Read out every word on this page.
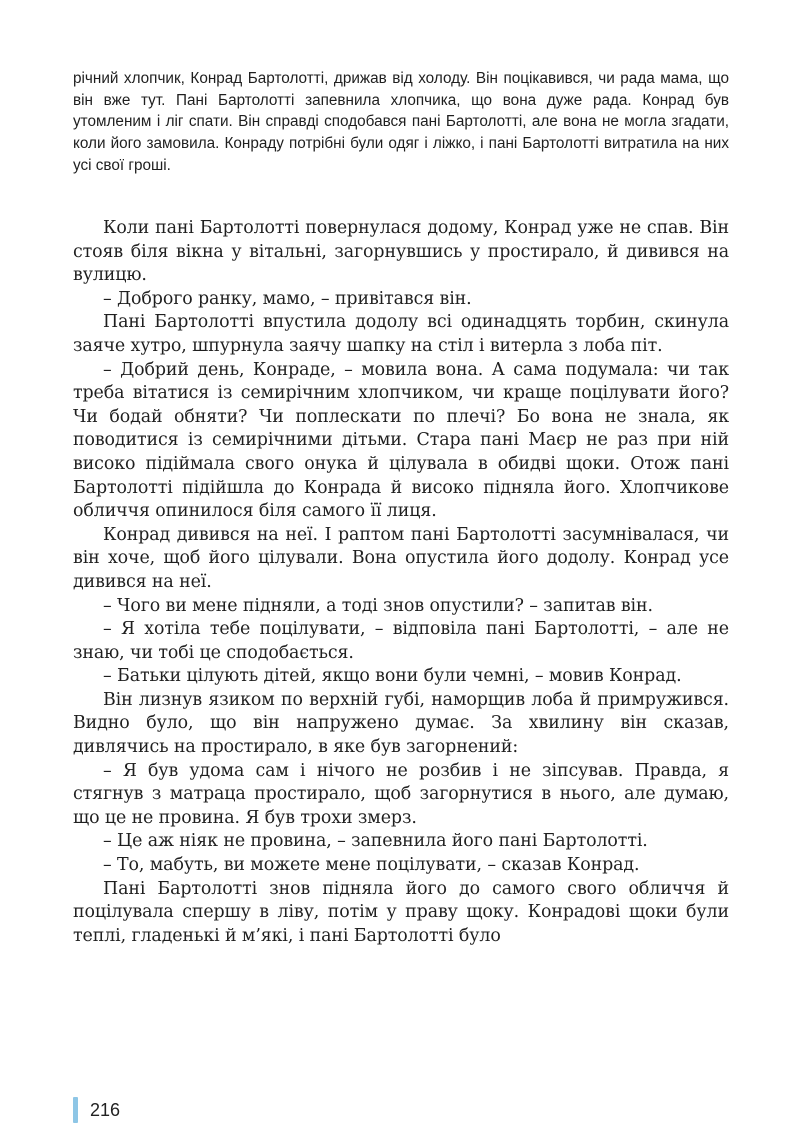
річний хлопчик, Конрад Бартолотті, дрижав від холоду. Він поцікавився, чи рада мама, що він вже тут. Пані Бартолотті запевнила хлопчика, що вона дуже рада. Конрад був утомленим і ліг спати. Він справді сподобався пані Бартолотті, але вона не могла згадати, коли його замовила. Конраду потрібні були одяг і ліжко, і пані Бартолотті витратила на них усі свої гроші.

Коли пані Бартолотті повернулася додому, Конрад уже не спав. Він стояв біля вікна у вітальні, загорнувшись у простирало, й дивився на вулицю.

– Доброго ранку, мамо, – привітався він.

Пані Бартолотті впустила додолу всі одинадцять торбин, скинула заяче хутро, шпурнула заячу шапку на стіл і витерла з лоба піт.

– Добрий день, Конраде, – мовила вона. А сама подумала: чи так треба вітатися із семирічним хлопчиком, чи краще поцілувати його? Чи бодай обняти? Чи поплескати по плечі? Бо вона не знала, як поводитися із семирічними дітьми. Стара пані Маєр не раз при ній високо підіймала свого онука й цілувала в обидві щоки. Отож пані Бартолотті підійшла до Конрада й високо підняла його. Хлопчикове обличчя опинилося біля самого її лиця.

Конрад дивився на неї. І раптом пані Бартолотті засумнівалася, чи він хоче, щоб його цілували. Вона опустила його додолу. Конрад усе дивився на неї.

– Чого ви мене підняли, а тоді знов опустили? – запитав він.

– Я хотіла тебе поцілувати, – відповіла пані Бартолотті, – але не знаю, чи тобі це сподобається.

– Батьки цілують дітей, якщо вони були чемні, – мовив Конрад.

Він лизнув язиком по верхній губі, наморщив лоба й примружився. Видно було, що він напружено думає. За хвилину він сказав, дивлячись на простирало, в яке був загорнений:

– Я був удома сам і нічого не розбив і не зіпсував. Правда, я стягнув з матраца простирало, щоб загорнутися в нього, але думаю, що це не провина. Я був трохи змерз.

– Це аж ніяк не провина, – запевнила його пані Бартолотті.

– То, мабуть, ви можете мене поцілувати, – сказав Конрад.

Пані Бартолотті знов підняла його до самого свого обличчя й поцілувала спершу в ліву, потім у праву щоку. Конрадові щоки були теплі, гладенькі й м’які, і пані Бартолотті було

216
